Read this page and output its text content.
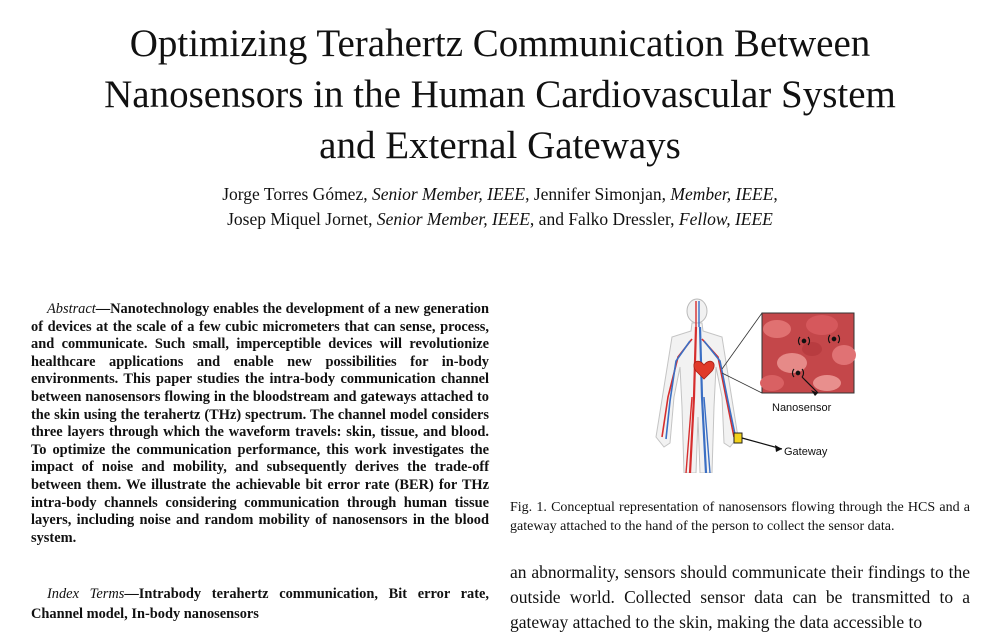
Optimizing Terahertz Communication Between
Nanosensors in the Human Cardiovascular System
and External Gateways
Jorge Torres Gómez, Senior Member, IEEE, Jennifer Simonjan, Member, IEEE,
Josep Miquel Jornet, Senior Member, IEEE, and Falko Dressler, Fellow, IEEE

Abstract—Nanotechnology enables the development of a new generation of devices at the scale of a few cubic micrometers that can sense, process, and communicate. Such small, imperceptible devices will revolutionize healthcare applications and enable new possibilities for in-body environments. This paper studies the intra-body communication channel between nanosensors flowing in the bloodstream and gateways attached to the skin using the terahertz (THz) spectrum. The channel model considers three layers through which the waveform travels: skin, tissue, and blood. To optimize the communication performance, this work investigates the impact of noise and mobility, and subsequently derives the trade-off between them. We illustrate the achievable bit error rate (BER) for THz intra-body channels considering communication through human tissue layers, including noise and random mobility of nanosensors in the blood system.

Index Terms—Intrabody terahertz communication, Bit error rate, Channel model, In-body nanosensors

Nanosensor
Gateway
Fig. 1. Conceptual representation of nanosensors flowing through the HCS and a gateway attached to the hand of the person to collect the sensor data.

an abnormality, sensors should communicate their findings to the outside world. Collected sensor data can be transmitted to a gateway attached to the skin, making the data accessible to
